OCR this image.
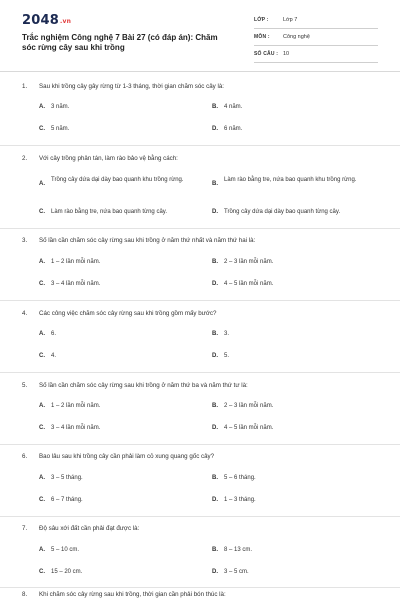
2048.vn
Trắc nghiệm Công nghệ 7 Bài 27 (có đáp án): Chăm sóc rừng cây sau khi trồng
LỚP :	Lớp 7
MÔN : Công nghệ
SỐ CÂU : 10
1. Sau khi trồng cây gây rừng từ 1-3 tháng, thời gian chăm sóc cây là:
A. 3 năm.	B. 4 năm.
C. 5 năm.	D. 6 năm.
2. Với cây trồng phân tán, làm rào bảo vệ bằng cách:
A.
Trồng cây dứa dại dày bao quanh khu trồng rừng.
B.
Làm rào bằng tre, nứa bao quanh khu trồng rừng.
C. Làm rào bằng tre, nứa bao quanh từng cây.	D. Trồng cây dứa dại dày bao quanh từng cây.
3. Số lần cần chăm sóc cây rừng sau khi trồng ở năm thứ nhất và năm thứ hai là:
A. 1 – 2 lần mỗi năm.	B. 2 – 3 lần mỗi năm.
C. 3 – 4 lần mỗi năm.	D. 4 – 5 lần mỗi năm.
4. Các công việc chăm sóc cây rừng sau khi trồng gồm mấy bước?
A. 6.	B. 3.
C. 4.	D. 5.
5. Số lần cần chăm sóc cây rừng sau khi trồng ở năm thứ ba và năm thứ tư là:
A. 1 – 2 lần mỗi năm.	B. 2 – 3 lần mỗi năm.
C. 3 – 4 lần mỗi năm.	D. 4 – 5 lần mỗi năm.
6. Bao lâu sau khi trồng cây cần phải làm cỏ xung quang gốc cây?
A. 3 – 5 tháng.	B. 5 – 6 tháng.
C. 6 – 7 tháng.	D. 1 – 3 tháng.
7. Độ sâu xới đất cần phải đạt được là:
A. 5 – 10 cm.	B. 8 – 13 cm.
C. 15 – 20 cm.	D. 3 – 5 cm.
8. Khi chăm sóc cây rừng sau khi trồng, thời gian cần phải bón thúc là:
